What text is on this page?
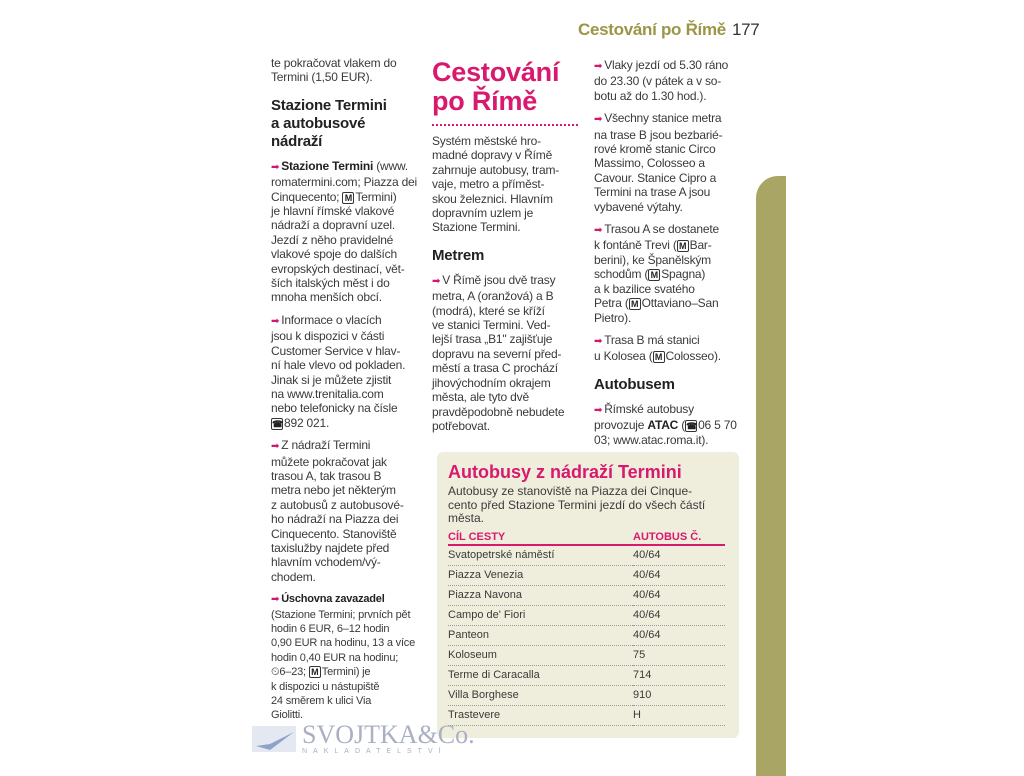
Cestování po Římě 177

te pokračovat vlakem do
Termini (1,50 EUR).

Stazione Termini
a autobusové
nádraží

➡ Stazione Termini (www.
romatermini.com; Piazza dei
Cinquecento; M Termini)
je hlavní římské vlakové
nádraží a dopravní uzel.
Jezdí z něho pravidelné
vlakové spoje do dalších
evropských destinací, vět-
ších italských měst i do
mnoha menších obcí.

➡ Informace o vlacích
jsou k dispozici v části
Customer Service v hlav-
ní hale vlevo od pokladen.
Jinak si je můžete zjistit
na www.trenitalia.com
nebo telefonicky na čísle
☎892 021.

➡ Z nádraží Termini
můžete pokračovat jak
trasou A, tak trasou B
metra nebo jet některým
z autobusů z autobusové-
ho nádraží na Piazza dei
Cinquecento. Stanoviště
taxislužby najdete před
hlavním vchodem/vý-
chodem.

➡ Úschovna zavazadel
(Stazione Termini; prvních pět
hodin 6 EUR, 6–12 hodin
0,90 EUR na hodinu, 13 a více
hodin 0,40 EUR na hodinu;
⏲6–23; M Termini) je
k dispozici u nástupiště
24 směrem k ulici Via
Giolitti.

Cestování
po Římě

Systém městské hro-
madné dopravy v Římě
zahrnuje autobusy, tram-
vaje, metro a příměst-
skou železnici. Hlavním
dopravním uzlem je
Stazione Termini.

Metrem

➡ V Římě jsou dvě trasy
metra, A (oranžová) a B
(modrá), které se kříží
ve stanici Termini. Ved-
lejší trasa „B1" zajišťuje
dopravu na severní před-
městí a trasa C prochází
jihovýchodním okrajem
města, ale tyto dvě
pravděpodobně nebudete
potřebovat.

➡ Vlaky jezdí od 5.30 ráno
do 23.30 (v pátek a v so-
botu až do 1.30 hod.).

➡ Všechny stanice metra
na trase B jsou bezbarié-
rové kromě stanic Circo
Massimo, Colosseo a
Cavour. Stanice Cipro a
Termini na trase A jsou
vybavené výtahy.

➡ Trasou A se dostanete
k fontáně Trevi ( M Bar-
berini), ke Španělským
schodům ( M Spagna)
a k bazilice svatého
Petra ( M Ottaviano–San
Pietro).

➡ Trasa B má stanici
u Kolosea ( M Colosseo).

Autobusem

➡ Římské autobusy
provozuje ATAC (☎06 5 70
03; www.atac.roma.it).

Autobusy z nádraží Termini
Autobusy ze stanoviště na Piazza dei Cinque-
cento před Stazione Termini jezdí do všech částí
města.
CÍL CESTY	AUTOBUS Č.
Svatopetrské náměstí	40/64
Piazza Venezia	40/64
Piazza Navona	40/64
Campo de' Fiori	40/64
Panteon	40/64
Koloseum	75
Terme di Caracalla	714
Villa Borghese	910
Trastevere	H
SVOJTKA&Co.
NAKLADATELSTVÍ
